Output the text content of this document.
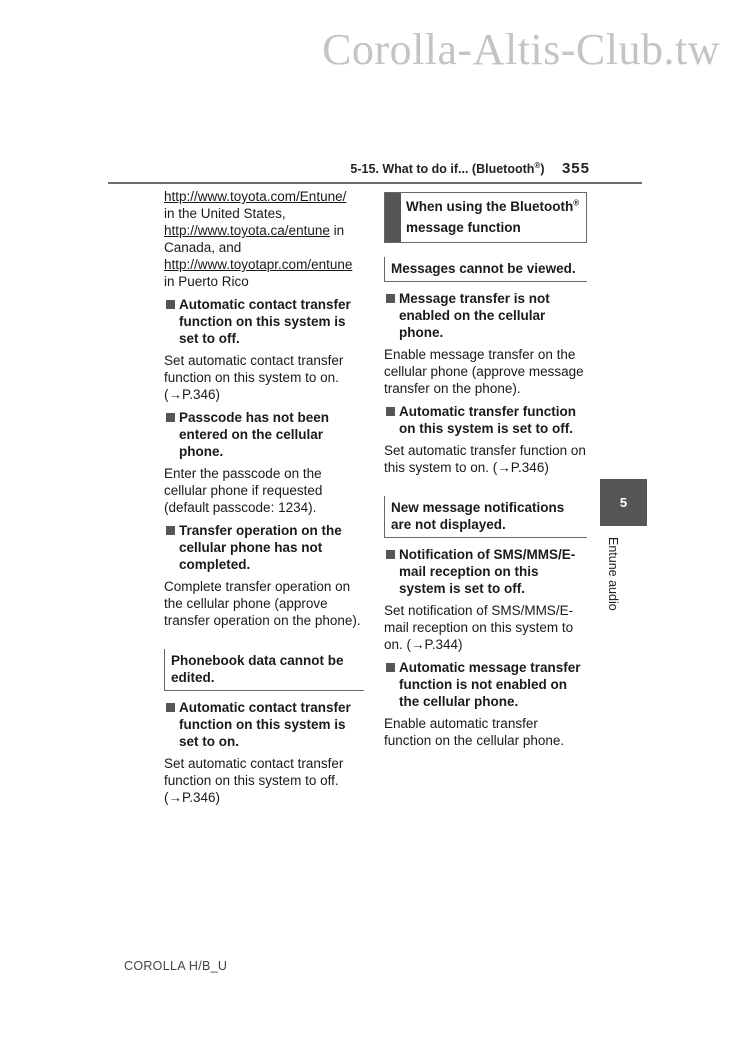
Corolla-Altis-Club.tw
5-15. What to do if... (Bluetooth®) 355

http://www.toyota.com/Entune/

in the United States,

http://www.toyota.ca/entune in

Canada, and

http://www.toyotapr.com/entune

in Puerto Rico

Automatic contact transfer function on this system is set to off.

Set automatic contact transfer function on this system to on. (→P.346)

Passcode has not been entered on the cellular phone.

Enter the passcode on the cellular phone if requested (default passcode: 1234).

Transfer operation on the cellular phone has not completed.

Complete transfer operation on the cellular phone (approve transfer operation on the phone).

Phonebook data cannot be edited.
Automatic contact transfer function on this system is set to on.

Set automatic contact transfer function on this system to off. (→P.346)

When using the Bluetooth® message function
Messages cannot be viewed.
Message transfer is not enabled on the cellular phone.

Enable message transfer on the cellular phone (approve message transfer on the phone).

Automatic transfer function on this system is set to off.

Set automatic transfer function on this system to on. (→P.346)

New message notifications are not displayed.
Notification of SMS/MMS/E-mail reception on this system is set to off.

Set notification of SMS/MMS/E-mail reception on this system to on. (→P.344)

Automatic message transfer function is not enabled on the cellular phone.

Enable automatic transfer function on the cellular phone.

5
Entune audio
COROLLA H/B_U
